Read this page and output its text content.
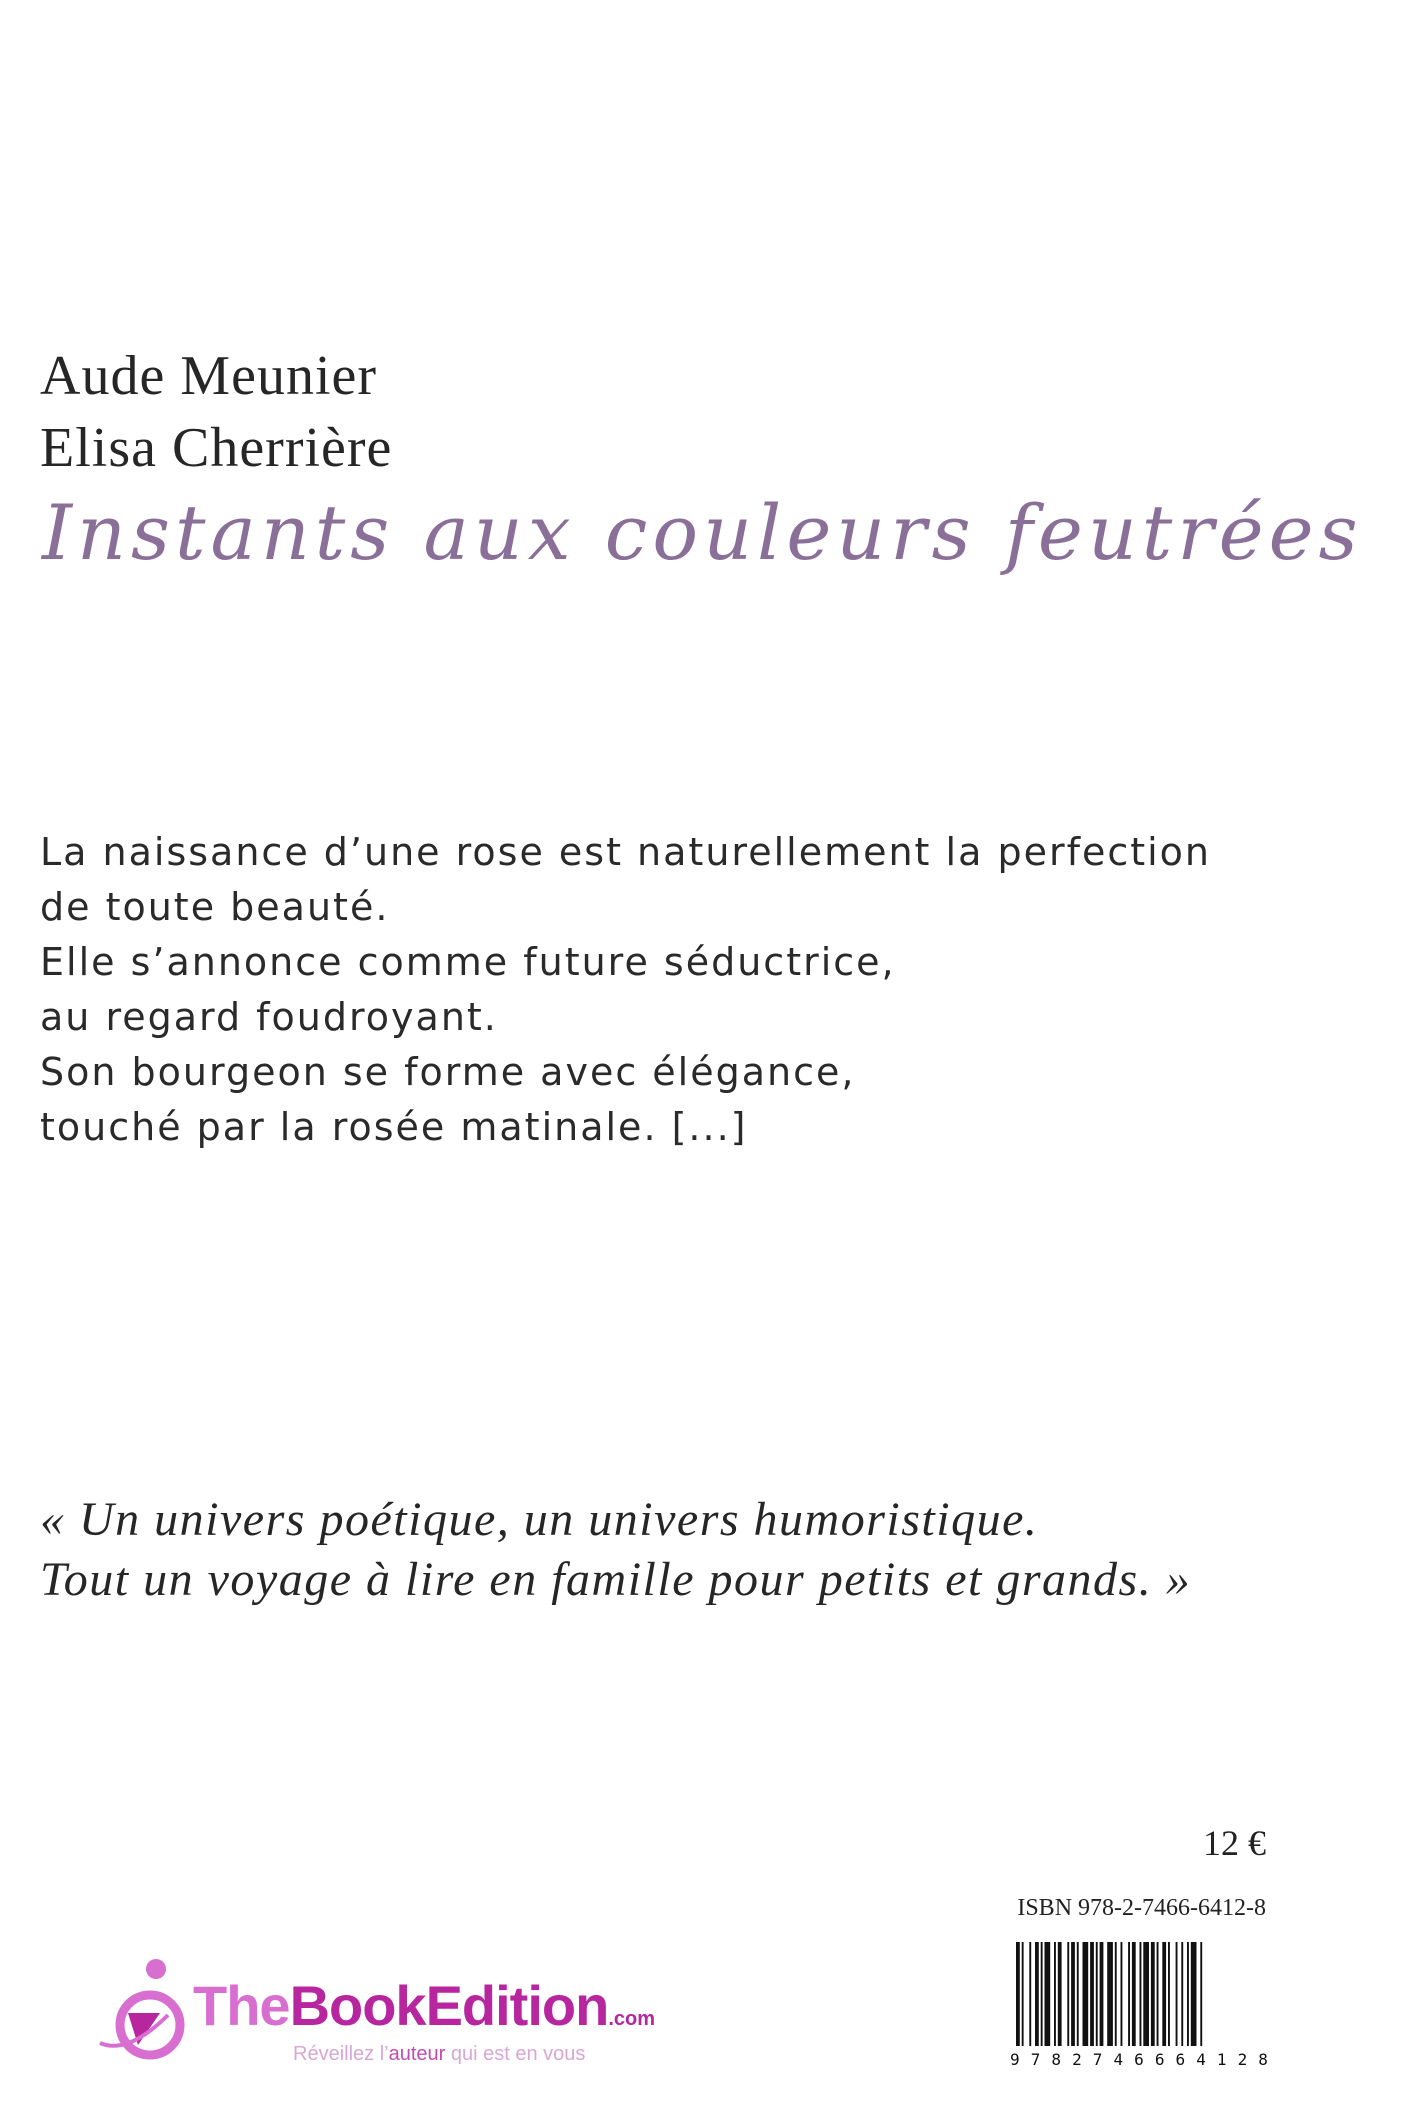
Aude Meunier
Elisa Cherrière
Instants aux couleurs feutrées
La naissance d’une rose est naturellement la perfection
de toute beauté.
Elle s’annonce comme future séductrice,
au regard foudroyant.
Son bourgeon se forme avec élégance,
touché par la rosée matinale. [...]
« Un univers poétique, un univers humoristique.
Tout un voyage à lire en famille pour petits et grands. »
12 €
ISBN 978-2-7466-6412-8
9 7 8 2 7 4 6 6 6 4 1 2 8
TheBookEdition.com
Réveillez l’auteur qui est en vous
